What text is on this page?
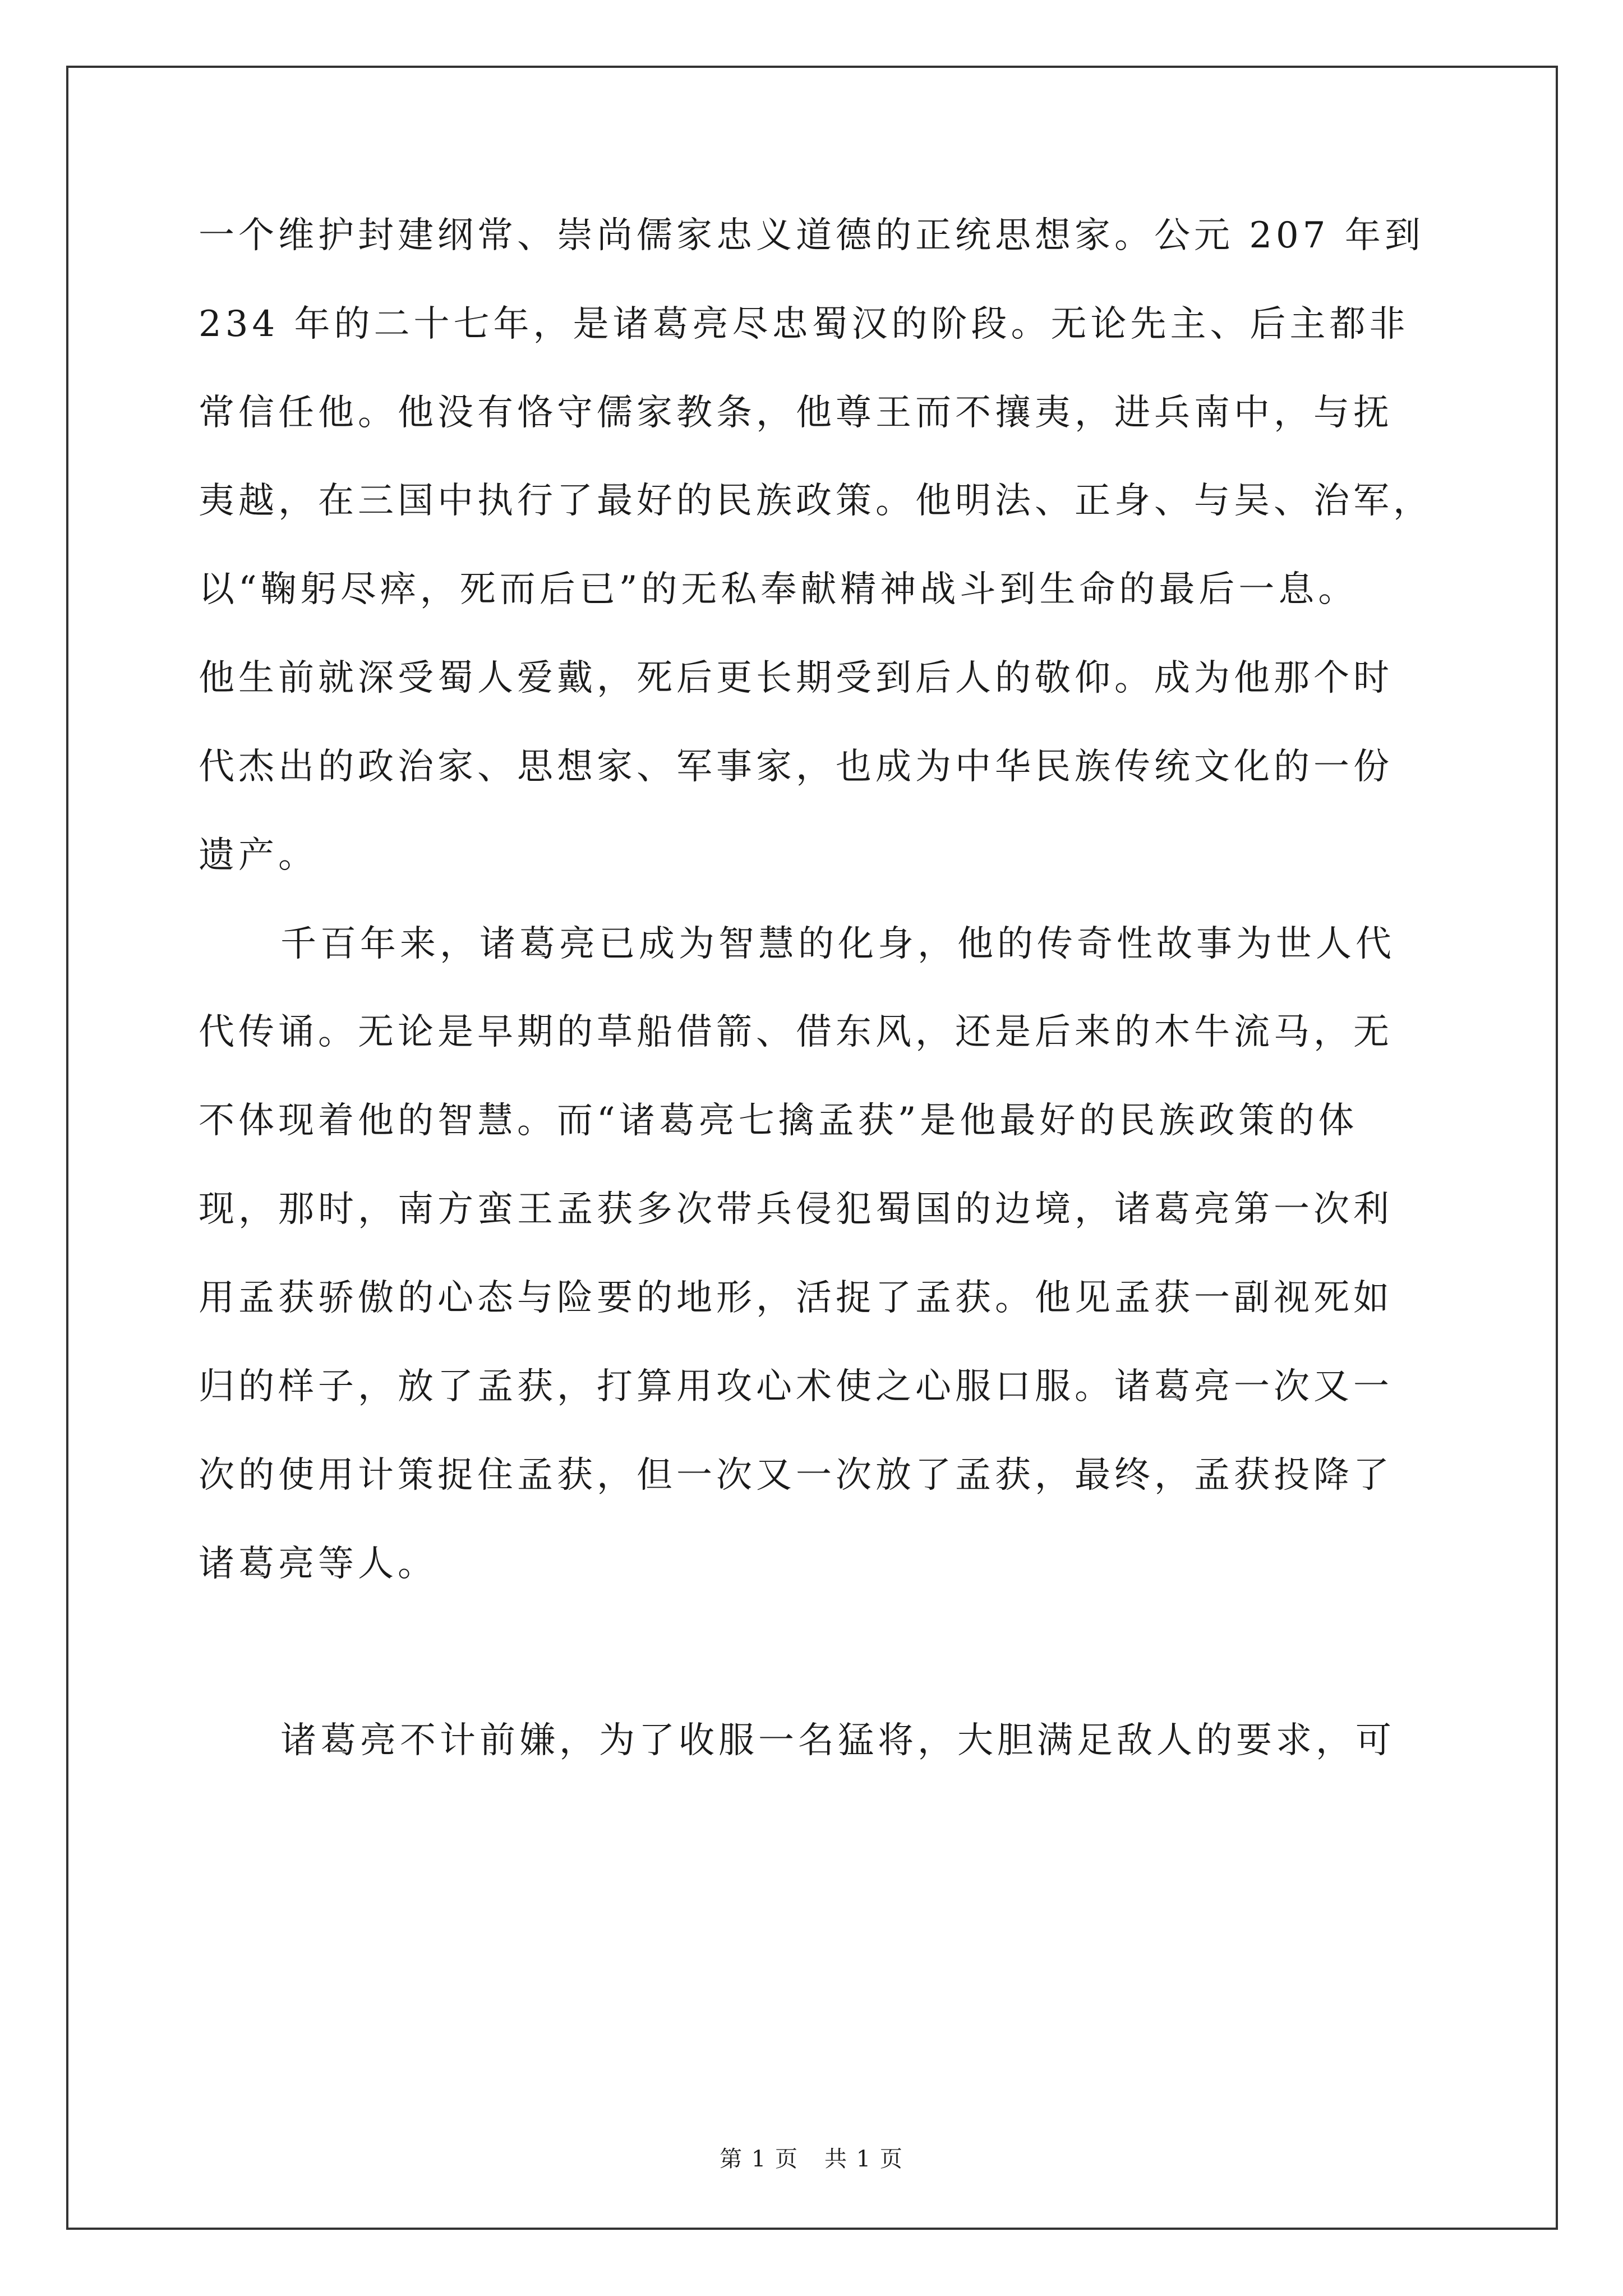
一个维护封建纲常、崇尚儒家忠义道德的正统思想家。公元 207 年到
234 年的二十七年，是诸葛亮尽忠蜀汉的阶段。无论先主、后主都非
常信任他。他没有恪守儒家教条，他尊王而不攘夷，进兵南中，与抚
夷越，在三国中执行了最好的民族政策。他明法、正身、与吴、治军，
以“鞠躬尽瘁，死而后已”的无私奉献精神战斗到生命的最后一息。
他生前就深受蜀人爱戴，死后更长期受到后人的敬仰。成为他那个时
代杰出的政治家、思想家、军事家，也成为中华民族传统文化的一份
遗产。
千百年来，诸葛亮已成为智慧的化身，他的传奇性故事为世人代
代传诵。无论是早期的草船借箭、借东风，还是后来的木牛流马，无
不体现着他的智慧。而“诸葛亮七擒孟获”是他最好的民族政策的体
现，那时，南方蛮王孟获多次带兵侵犯蜀国的边境，诸葛亮第一次利
用孟获骄傲的心态与险要的地形，活捉了孟获。他见孟获一副视死如
归的样子，放了孟获，打算用攻心术使之心服口服。诸葛亮一次又一
次的使用计策捉住孟获，但一次又一次放了孟获，最终，孟获投降了
诸葛亮等人。
诸葛亮不计前嫌，为了收服一名猛将，大胆满足敌人的要求，可
第 1 页 共 1 页
